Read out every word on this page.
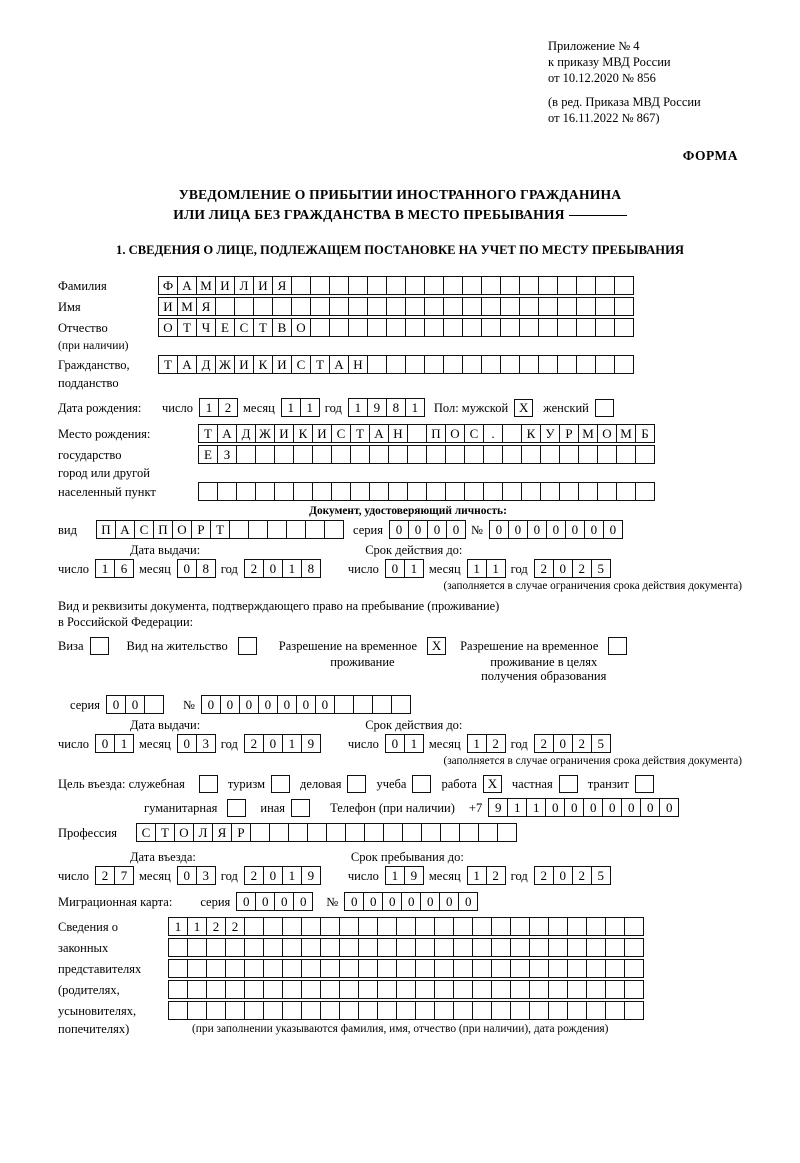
Приложение № 4
к приказу МВД России
от 10.12.2020 № 856
(в ред. Приказа МВД России
от 16.11.2022 № 867)
ФОРМА
УВЕДОМЛЕНИЕ О ПРИБЫТИИ ИНОСТРАННОГО ГРАЖДАНИНА
ИЛИ ЛИЦА БЕЗ ГРАЖДАНСТВА В МЕСТО ПРЕБЫВАНИЯ
1. СВЕДЕНИЯ О ЛИЦЕ, ПОДЛЕЖАЩЕМ ПОСТАНОВКЕ НА УЧЕТ ПО МЕСТУ ПРЕБЫВАНИЯ
Фамилия	Ф А М И Л И Я
Имя	И М Я
Отчество	О Т Ч Е С Т В О
(при наличии)
Гражданство,	Т А Д Ж И К И С Т А Н
подданство
Дата рождения:	число 1 2 месяц 1 1 год 1 9 8 1	Пол: мужской Х	женский
Место рождения:	Т А Д Ж И К И С Т А Н	П О С	.	К У Р М О М Б
государство	Е З
город или другой
населенный пункт
Документ, удостоверяющий личность:
вид	П А С П О Р Т	серия 0 0 0 0 № 0 0 0 0 0 0 0
Дата выдачи:	Срок действия до:
число 1 6 месяц 0 8 год 2 0 1 8	число 0 1 месяц 1 1 год 2 0 2 5
(заполняется в случае ограничения срока действия документа)
Вид и реквизиты документа, подтверждающего право на пребывание (проживание)
в Российской Федерации:
Виза	Вид на жительство	Разрешение на временное	Х
проживание
Разрешение на временное
проживание в целях
получения образования
серия 0 0	№ 0 0 0 0 0 0 0
Дата выдачи:	Срок действия до:
число 0 1 месяц 0 3 год 2 0 1 9	число 0 1 месяц 1 2 год 2 0 2 5
(заполняется в случае ограничения срока действия документа)
Цель въезда: служебная	туризм	деловая	учеба	работа Х	частная	транзит
гуманитарная	иная	Телефон (при наличии) +7 9 1 1 0 0 0 0 0 0 0
Профессия	С Т О Л Я Р
Дата въезда:	Срок пребывания до:
число 2 7 месяц 0 3 год 2 0 1 9	число 1 9 месяц 1 2 год 2 0 2 5
Миграционная карта: серия 0 0 0 0	№ 0 0 0 0 0 0 0
Сведения о	1 1 2 2
законных
представителях
(родителях,
усыновителях,
попечителях)	(при заполнении указываются фамилия, имя, отчество (при наличии), дата рождения)
